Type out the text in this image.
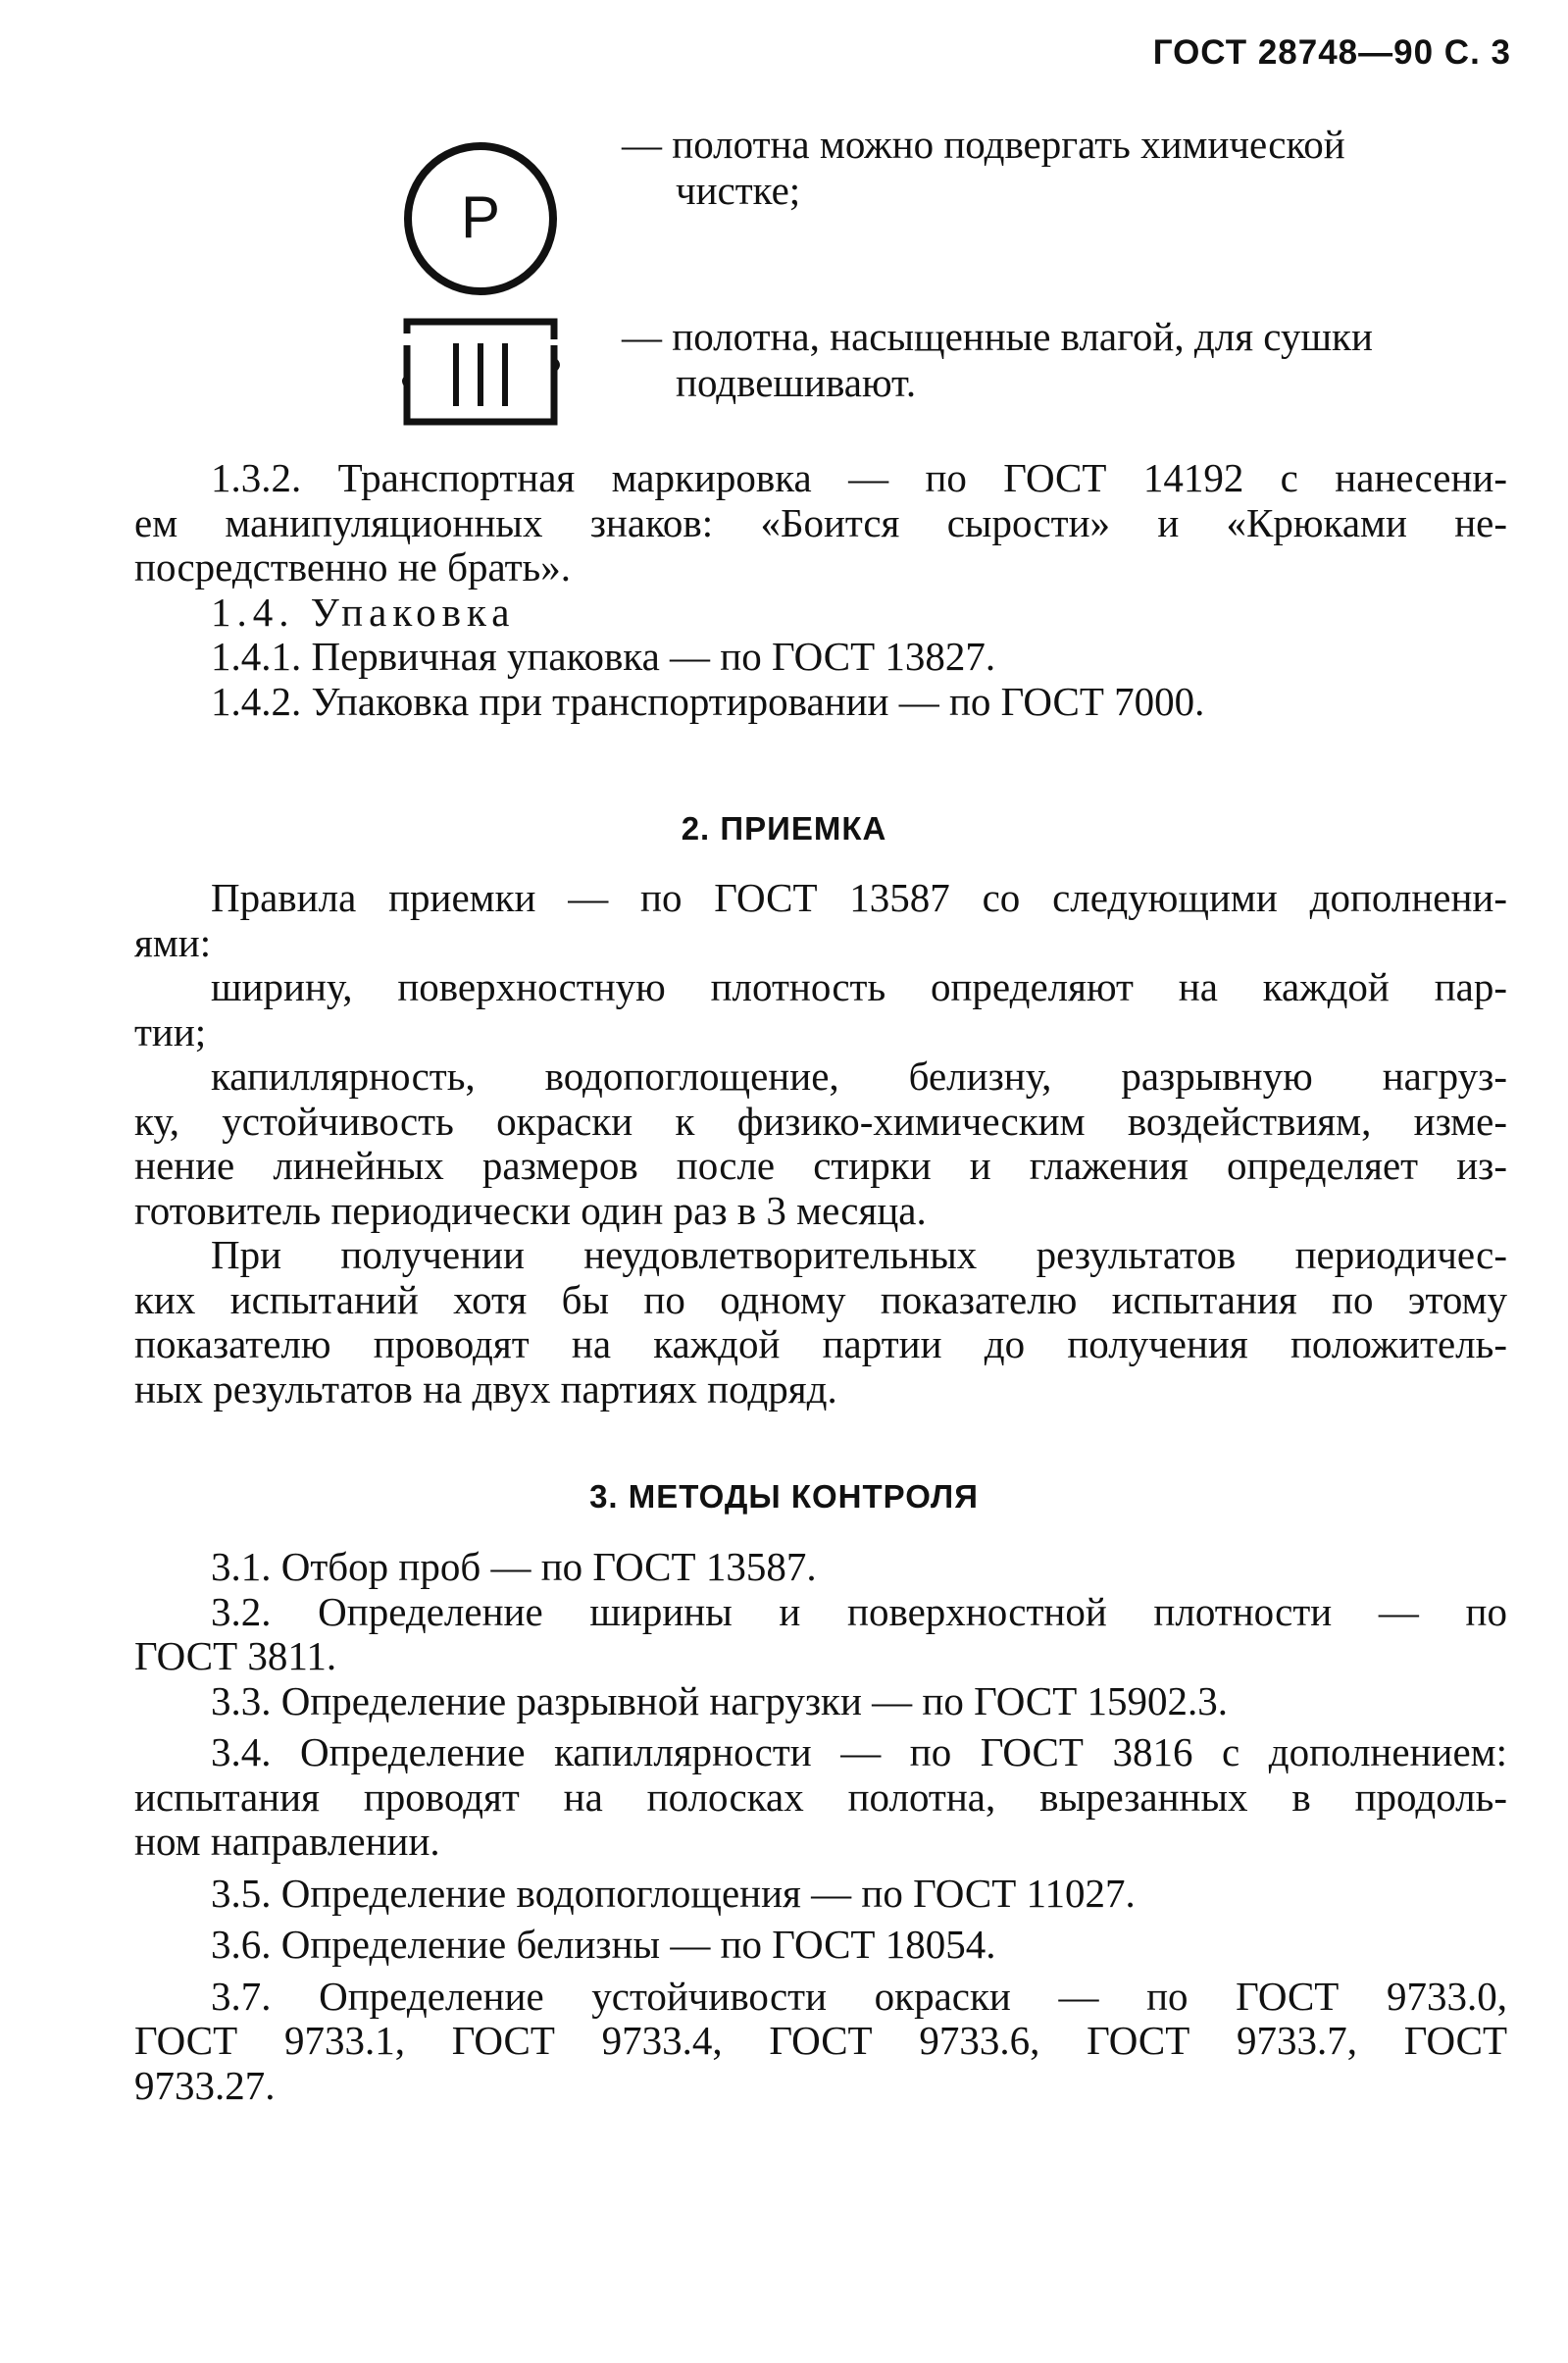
ГОСТ 28748—90 С. 3
P
— полотна можно подвергать химической
чистке;
— полотна, насыщенные влагой, для сушки
подвешивают.
1.3.2. Транспортная маркировка — по ГОСТ 14192 с нанесени-
ем манипуляционных знаков: «Боится сырости» и «Крюками не-
посредственно не брать».
1.4. Упаковка
1.4.1. Первичная упаковка — по ГОСТ 13827.
1.4.2. Упаковка при транспортировании — по ГОСТ 7000.
2. ПРИЕМКА
Правила приемки — по ГОСТ 13587 со следующими дополнени-
ями:
ширину, поверхностную плотность определяют на каждой пар-
тии;
капиллярность, водопоглощение, белизну, разрывную нагруз-
ку, устойчивость окраски к физико-химическим воздействиям, изме-
нение линейных размеров после стирки и глажения определяет из-
готовитель периодически один раз в 3 месяца.
При получении неудовлетворительных результатов периодичес-
ких испытаний хотя бы по одному показателю испытания по этому
показателю проводят на каждой партии до получения положитель-
ных результатов на двух партиях подряд.
3. МЕТОДЫ КОНТРОЛЯ
3.1. Отбор проб — по ГОСТ 13587.
3.2. Определение ширины и поверхностной плотности — по
ГОСТ 3811.
3.3. Определение разрывной нагрузки — по ГОСТ 15902.3.
3.4. Определение капиллярности — по ГОСТ 3816 с дополнением:
испытания проводят на полосках полотна, вырезанных в продоль-
ном направлении.
3.5. Определение водопоглощения — по ГОСТ 11027.
3.6. Определение белизны — по ГОСТ 18054.
3.7. Определение устойчивости окраски — по ГОСТ 9733.0,
ГОСТ 9733.1, ГОСТ 9733.4, ГОСТ 9733.6, ГОСТ 9733.7, ГОСТ
9733.27.
